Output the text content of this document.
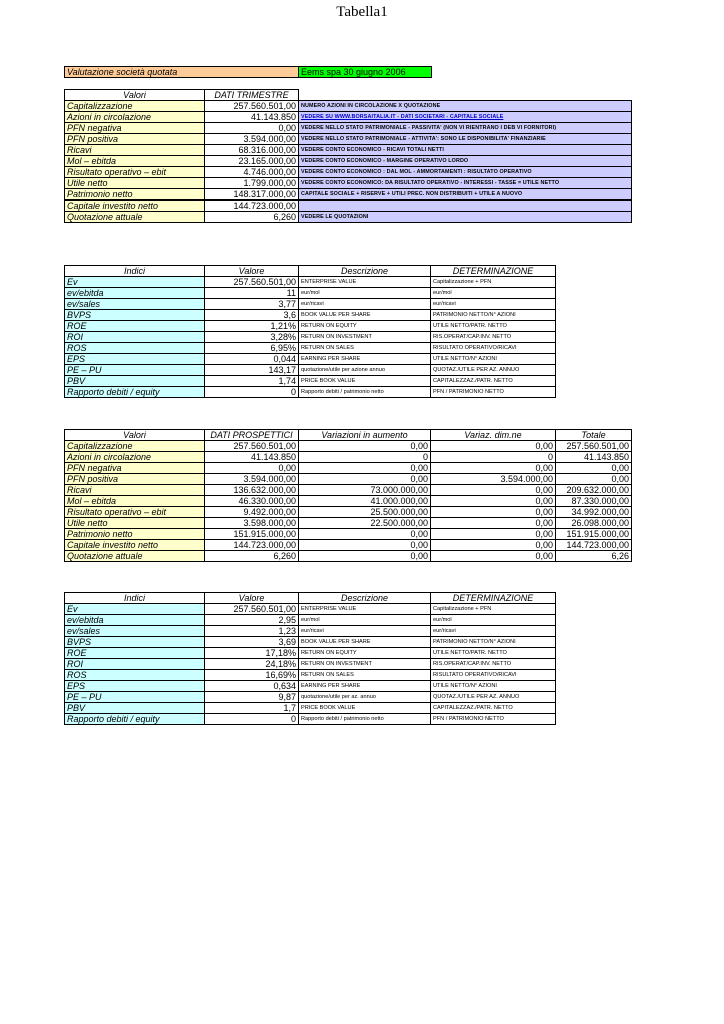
Tabella1
Valutazione società quotata	Eems spa 30 giugno 2006
Valori	DATI TRIMESTRE	
Capitalizzazione	257.560.501,00	NUMERO AZIONI IN CIRCOLAZIONE X QUOTAZIONE
Azioni in circolazione	41.143.850	VEDERE SU WWW.BORSAITALIA.IT - DATI SOCIETARI - CAPITALE SOCIALE
PFN negativa	0,00	VEDERE NELLO STATO PATRIMONIALE - PASSIVITA' (NON VI RIENTRANO I DEB VI FORNITORI)
PFN positiva	3.594.000,00	VEDERE NELLO STATO PATRIMONIALE - ATTIVITA': SONO LE DISPONIBILITA' FINANZIARIE
Ricavi	68.316.000,00	VEDERE CONTO ECONOMICO - RICAVI TOTALI NETTI
Mol – ebitda	23.165.000,00	VEDERE CONTO ECONOMICO - MARGINE OPERATIVO LORDO
Risultato operativo – ebit	4.746.000,00	VEDERE CONTO ECONOMICO : DAL MOL - AMMORTAMENTI : RISULTATO OPERATIVO
Utile netto	1.799.000,00	VEDERE CONTO ECONOMICO: DA RISULTATO OPERATIVO - INTERESSI - TASSE = UTILE NETTO
Patrimonio netto	148.317.000,00	CAPITALE SOCIALE + RISERVE + UTILI PREC. NON DISTRIBUITI + UTILE A NUOVO
Capitale investito netto	144.723.000,00	
Quotazione attuale	6,260	VEDERE LE QUOTAZIONI
Indici	Valore	Descrizione	DETERMINAZIONE
Ev	257.560.501,00	ENTERPRISE VALUE	Capitalizzazione + PFN
ev/ebitda	11	eur/mol	eur/mol
ev/sales	3,77	eur/ricavi	eur/ricavi
BVPS	3,6	BOOK VALUE PER SHARE	PATRIMONIO NETTO/N° AZIONI
ROE	1,21%	RETURN ON EQUITY	UTILE NETTO/PATR. NETTO
ROI	3,28%	RETURN ON INVESTMENT	RIS.OPERAT/CAP.INV. NETTO
ROS	6,95%	RETURN ON SALES	RISULTATO OPERATIVO/RICAVI
EPS	0,044	EARNING PER SHARE	UTILE NETTO/N° AZIONI
PE – PU	143,17	quotazione/utile per azione annuo	QUOTAZ./UTILE PER AZ. ANNUO
PBV	1,74	PRICE BOOK VALUE	CAPITALEZZAZ./PATR. NETTO
Rapporto debiti / equity	0	Rapporto debiti / patrimonio netto	PFN / PATRIMONIO NETTO
Valori	DATI PROSPETTICI	Variazioni in aumento	Variaz. dim.ne	Totale
Capitalizzazione	257.560.501,00	0,00	0,00	257.560.501,00
Azioni in circolazione	41.143.850	0	0	41.143.850
PFN negativa	0,00	0,00	0,00	0,00
PFN positiva	3.594.000,00	0,00	3.594.000,00	0,00
Ricavi	136.632.000,00	73.000.000,00	0,00	209.632.000,00
Mol – ebitda	46.330.000,00	41.000.000,00	0,00	87.330.000,00
Risultato operativo – ebit	9.492.000,00	25.500.000,00	0,00	34.992.000,00
Utile netto	3.598.000,00	22.500.000,00	0,00	26.098.000,00
Patrimonio netto	151.915.000,00	0,00	0,00	151.915.000,00
Capitale investito netto	144.723.000,00	0,00	0,00	144.723.000,00
Quotazione attuale	6,260	0,00	0,00	6,26
Indici	Valore	Descrizione	DETERMINAZIONE
Ev	257.560.501,00	ENTERPRISE VALUE	Capitalizzazione + PFN
ev/ebitda	2,95	eur/mol	eur/mol
ev/sales	1,23	eur/ricavi	eur/ricavi
BVPS	3,69	BOOK VALUE PER SHARE	PATRIMONIO NETTO/N° AZIONI
ROE	17,18%	RETURN ON EQUITY	UTILE NETTO/PATR. NETTO
ROI	24,18%	RETURN ON INVESTMENT	RIS.OPERAT/CAP.INV. NETTO
ROS	16,69%	RETURN ON SALES	RISULTATO OPERATIVO/RICAVI
EPS	0,634	EARNING PER SHARE	UTILE NETTO/N° AZIONI
PE – PU	9,87	quotazione/utile per az. annuo	QUOTAZ./UTILE PER AZ. ANNUO
PBV	1,7	PRICE BOOK VALUE	CAPITALEZZAZ./PATR. NETTO
Rapporto debiti / equity	0	Rapporto debiti / patrimonio netto	PFN / PATRIMONIO NETTO
